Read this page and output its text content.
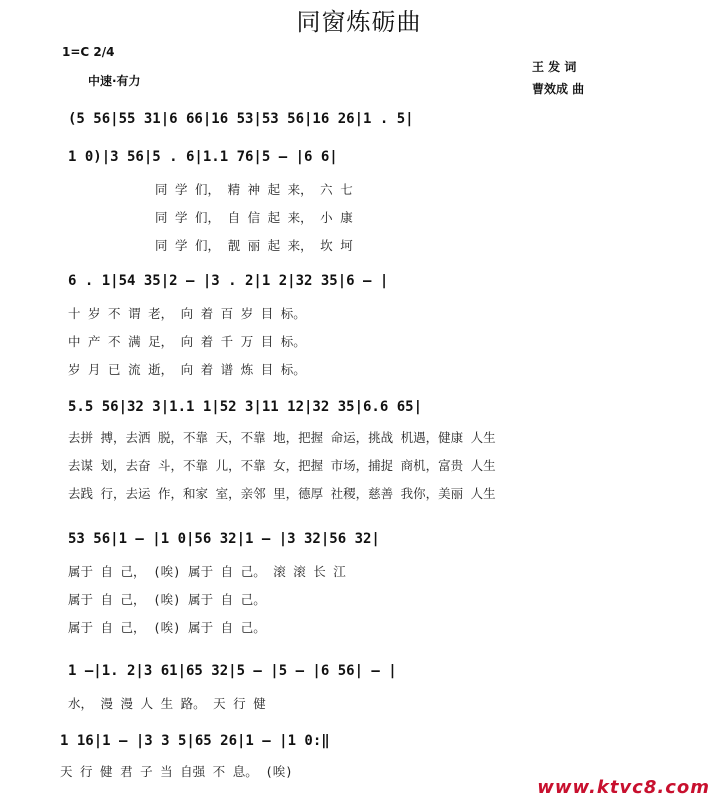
同窗炼砺曲
1=C 2/4
中速·有力
王 发 词
曹效成 曲
(5 56|55 31|6 66|16 53|53 56|16 26|1 . 5|
1 0)|3 56|5 . 6|1.1 76|5 — |6 6|
同 学 们， 精 神 起 来， 六 七
同 学 们， 自 信 起 来， 小 康
同 学 们， 靓 丽 起 来， 坎 坷
6 . 1|54 35|2 — |3 . 2|1 2|32 35|6 — |
十 岁 不 谓 老， 向 着 百 岁 目 标。
中 产 不 满 足， 向 着 千 万 目 标。
岁 月 已 流 逝， 向 着 谱 炼 目 标。
5.5 56|32 3|1.1 1|52 3|11 12|32 35|6.6 65|
去拼 搏，去洒 脱，不靠 天，不靠 地，把握 命运，挑战 机遇，健康 人生
去谋 划，去奋 斗，不靠 儿，不靠 女，把握 市场，捕捉 商机，富贵 人生
去践 行，去运 作，和家 室，亲邻 里，德厚 社稷，慈善 我你，美丽 人生
53 56|1 — |1 0|56 32|1 — |3 32|56 32|
属于 自 己， (唉) 属于 自 己。 滚 滚 长 江
属于 自 己， (唉) 属于 自 己。
属于 自 己， (唉) 属于 自 己。
1 —|1. 2|3 61|65 32|5 — |5 — |6 56| — |
水， 漫 漫 人 生 路。 天 行 健
1 16|1 — |3 3 5|65 26|1 — |1 0:‖
天 行 健 君 子 当 自强 不 息。 (唉)
www.ktvc8.com
